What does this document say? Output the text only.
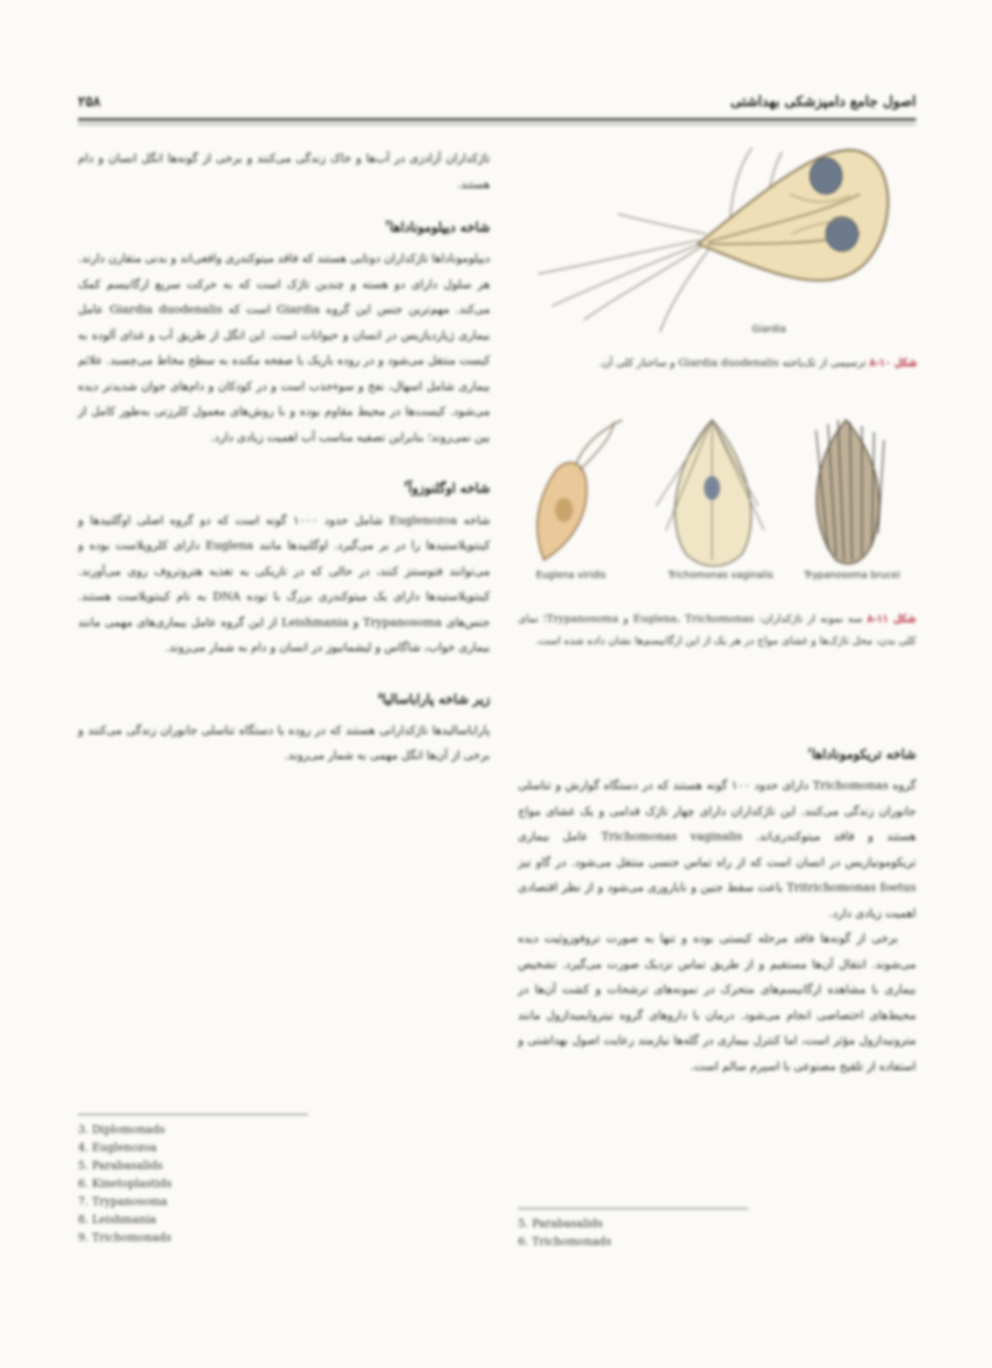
۲۵۸	اصول جامع دامپزشکی بهداشتی

تاژکداران آزادزی در آب‌ها و خاک زندگی می‌کنند و برخی از گونه‌ها انگل انسان و دام هستند.

شاخه دیپلوموناداها$^۳$

دیپلوموناداها تاژکداران دوتایی هستند که فاقد میتوکندری واقعی‌اند و بدنی متقارن دارند. هر سلول دارای دو هسته و چندین تاژک است که به حرکت سریع ارگانیسم کمک می‌کند. مهم‌ترین جنس این گروه Giardia است که Giardia duodenalis عامل بیماری ژیاردیازیس در انسان و حیوانات است. این انگل از طریق آب و غذای آلوده به کیست منتقل می‌شود و در روده باریک با صفحه مکنده به سطح مخاط می‌چسبد. علائم بیماری شامل اسهال، نفخ و سوءجذب است و در کودکان و دام‌های جوان شدیدتر دیده می‌شود. کیست‌ها در محیط مقاوم بوده و با روش‌های معمول کلرزنی به‌طور کامل از بین نمی‌روند؛ بنابراین تصفیه مناسب آب اهمیت زیادی دارد.

شاخه اوگلنوزوآ$^۴$

شاخه Euglenozoa شامل حدود ۱۰۰۰ گونه است که دو گروه اصلی اوگلنیدها و کینتوپلاستیدها را در بر می‌گیرد. اوگلنیدها مانند Euglena دارای کلروپلاست بوده و می‌توانند فتوسنتز کنند، در حالی که در تاریکی به تغذیه هتروتروف روی می‌آورند. کینتوپلاستیدها دارای یک میتوکندری بزرگ با توده DNA به نام کینتوپلاست هستند. جنس‌های Trypanosoma و Leishmania از این گروه عامل بیماری‌های مهمی مانند بیماری خواب، شاگاس و لیشمانیوز در انسان و دام به شمار می‌روند.

زیر شاخه پاراباسالیا$^۵$

پاراباسالیدها تاژکدارانی هستند که در روده یا دستگاه تناسلی جانوران زندگی می‌کنند و برخی از آن‌ها انگل مهمی به شمار می‌روند.

3. Diplomonads
4. Euglenozoa
5. Parabasalids
6. Kinetoplastids
7. Trypanosoma
8. Leishmania
9. Trichomonads
Giardia
شکل ۱۰-۸ ترسیمی از تک‌یاخته Giardia duodenalis و ساختار کلی آن.
Euglena viridis	Trichomonas vaginalis	Trypanosoma brucei
شکل ۱۱-۸ سه نمونه از تاژکداران: Euglena، Trichomonas و Trypanosoma؛ نمای کلی بدن، محل تاژک‌ها و غشای مواج در هر یک از این ارگانیسم‌ها نشان داده شده است.
شاخه تریکوموناداها$^۶$

گروه Trichomonas دارای حدود ۱۰۰ گونه هستند که در دستگاه گوارش و تناسلی جانوران زندگی می‌کنند. این تاژکداران دارای چهار تاژک قدامی و یک غشای مواج هستند و فاقد میتوکندری‌اند. Trichomonas vaginalis عامل بیماری تریکومونیازیس در انسان است که از راه تماس جنسی منتقل می‌شود. در گاو نیز Tritrichomonas foetus باعث سقط جنین و ناباروری می‌شود و از نظر اقتصادی اهمیت زیادی دارد.

برخی از گونه‌ها فاقد مرحله کیستی بوده و تنها به صورت تروفوزوئیت دیده می‌شوند. انتقال آن‌ها مستقیم و از طریق تماس نزدیک صورت می‌گیرد. تشخیص بیماری با مشاهده ارگانیسم‌های متحرک در نمونه‌های ترشحات و کشت آن‌ها در محیط‌های اختصاصی انجام می‌شود. درمان با داروهای گروه نیتروایمیدازول مانند مترونیدازول مؤثر است، اما کنترل بیماری در گله‌ها نیازمند رعایت اصول بهداشتی و استفاده از تلقیح مصنوعی با اسپرم سالم است.

5. Parabasalids
6. Trichomonads
